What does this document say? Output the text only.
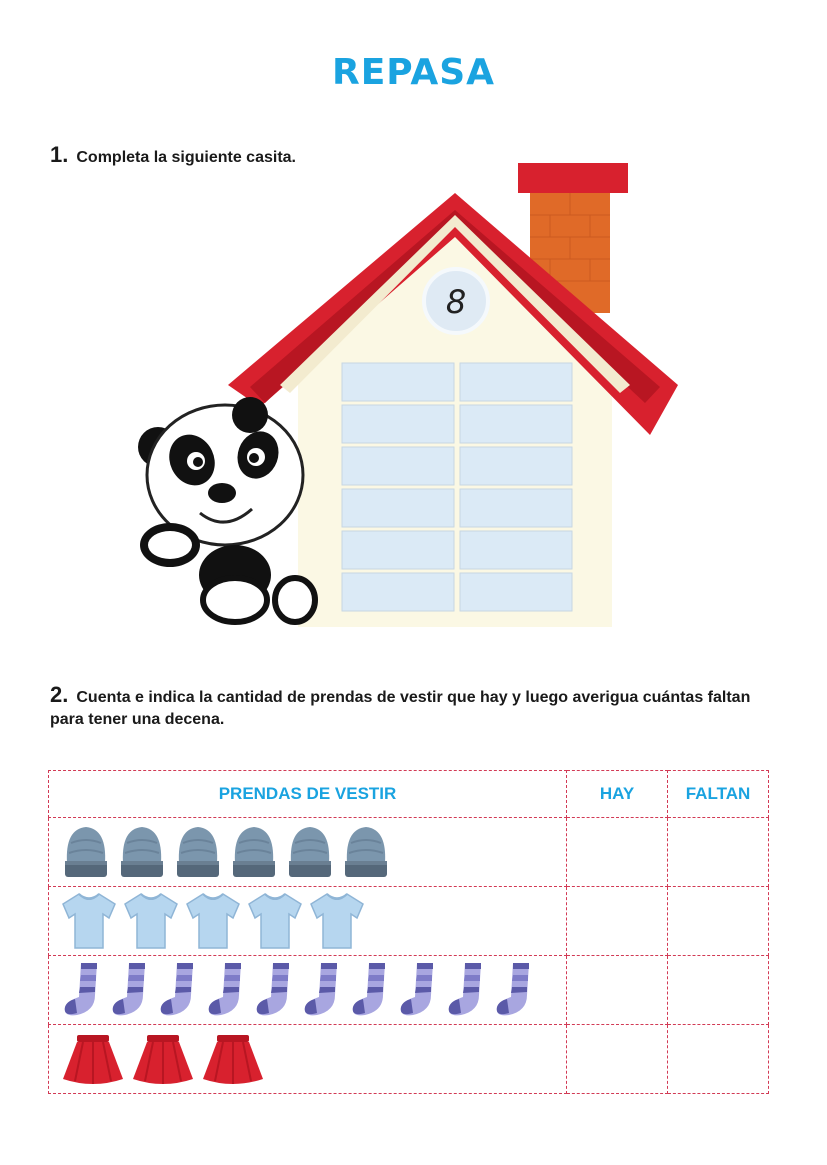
REPASA
1. Completa la siguiente casita.
8
2. Cuenta e indica la cantidad de prendas de vestir que hay y luego averigua cuántas faltan para tener una decena.
PRENDAS DE VESTIR	HAY	FALTAN
